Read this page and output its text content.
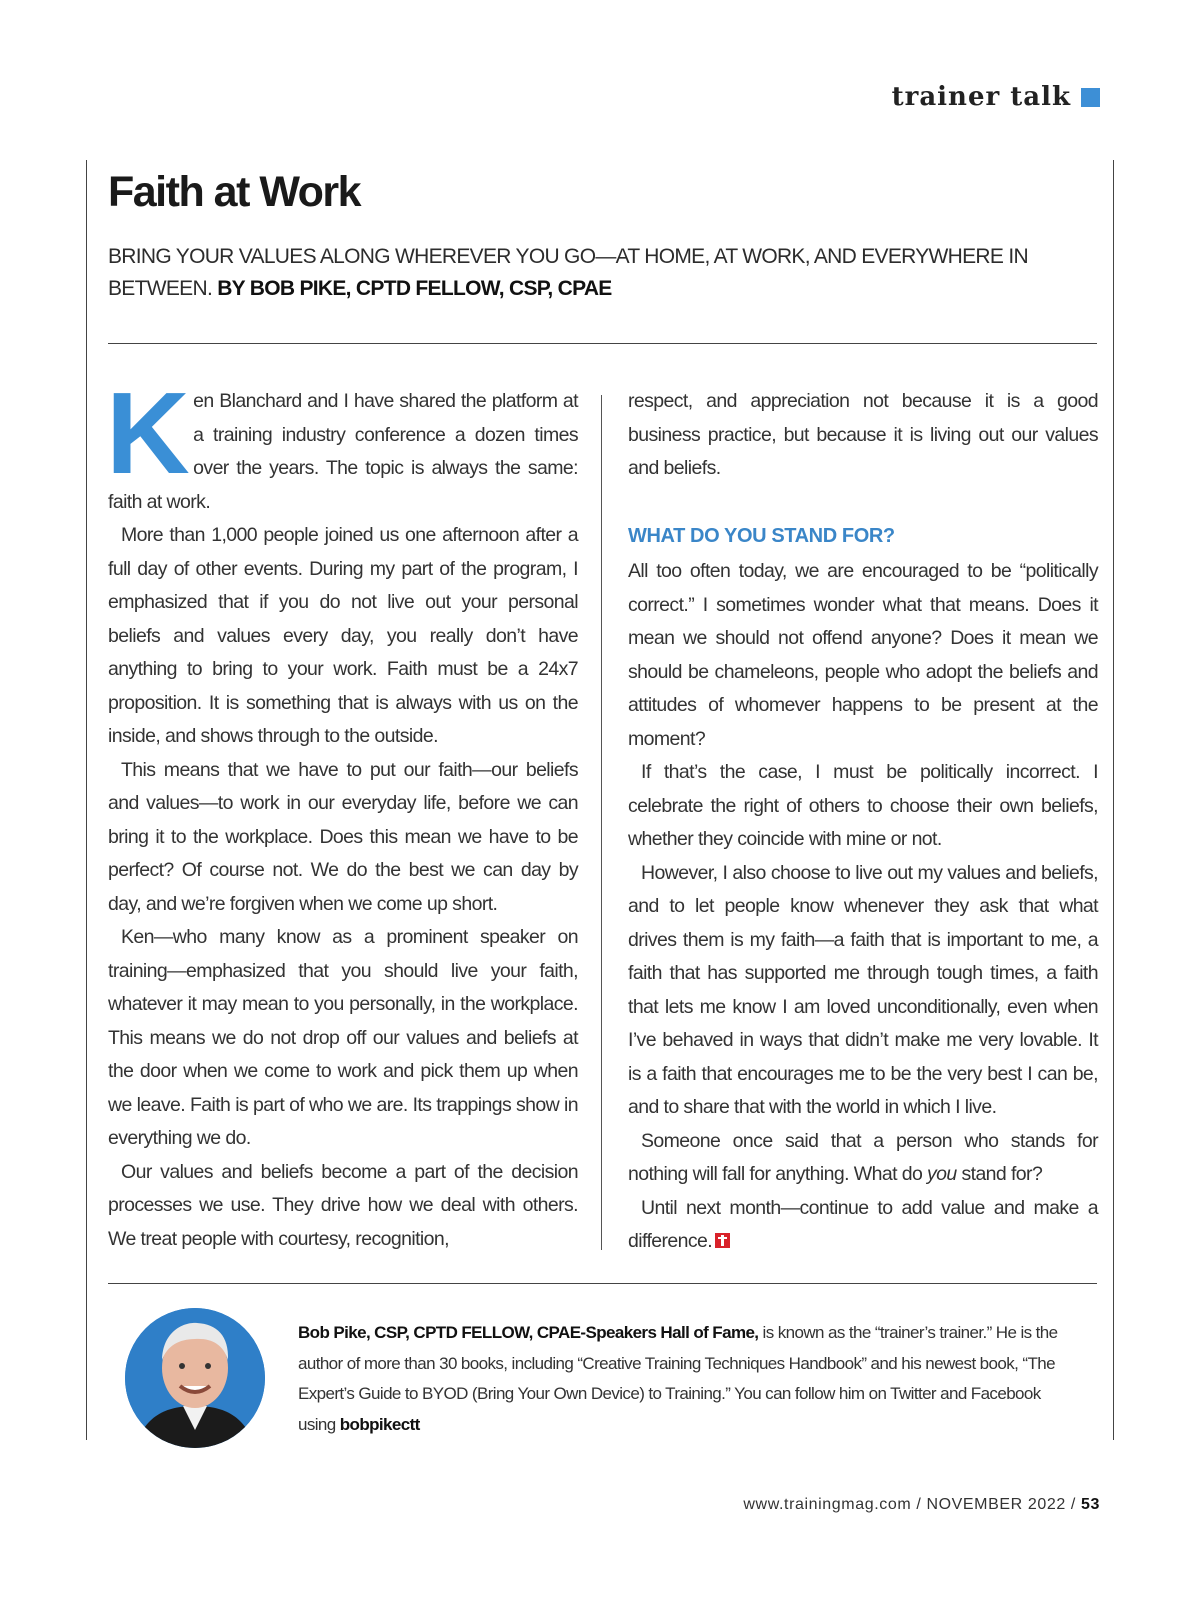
trainer talk
Faith at Work

BRING YOUR VALUES ALONG WHEREVER YOU GO—AT HOME, AT WORK, AND EVERYWHERE IN BETWEEN. BY BOB PIKE, CPTD FELLOW, CSP, CPAE

Ken Blanchard and I have shared the platform at a training industry conference a dozen times over the years. The topic is always the same: faith at work.

More than 1,000 people joined us one afternoon after a full day of other events. During my part of the program, I emphasized that if you do not live out your personal beliefs and values every day, you really don’t have anything to bring to your work. Faith must be a 24x7 proposition. It is something that is always with us on the inside, and shows through to the outside.

This means that we have to put our faith—our beliefs and values—to work in our everyday life, before we can bring it to the workplace. Does this mean we have to be perfect? Of course not. We do the best we can day by day, and we’re forgiven when we come up short.

Ken—who many know as a prominent speaker on training—emphasized that you should live your faith, whatever it may mean to you personally, in the workplace. This means we do not drop off our values and beliefs at the door when we come to work and pick them up when we leave. Faith is part of who we are. Its trappings show in everything we do.

Our values and beliefs become a part of the decision processes we use. They drive how we deal with others. We treat people with courtesy, recognition,

respect, and appreciation not because it is a good business practice, but because it is living out our values and beliefs.

WHAT DO YOU STAND FOR?

All too often today, we are encouraged to be “politically correct.” I sometimes wonder what that means. Does it mean we should not offend anyone? Does it mean we should be chameleons, people who adopt the beliefs and attitudes of whomever happens to be present at the moment?

If that’s the case, I must be politically incorrect. I celebrate the right of others to choose their own beliefs, whether they coincide with mine or not.

However, I also choose to live out my values and beliefs, and to let people know whenever they ask that what drives them is my faith—a faith that is important to me, a faith that has supported me through tough times, a faith that lets me know I am loved unconditionally, even when I’ve behaved in ways that didn’t make me very lovable. It is a faith that encourages me to be the very best I can be, and to share that with the world in which I live.

Someone once said that a person who stands for nothing will fall for anything. What do you stand for?

Until next month—continue to add value and make a difference.

Bob Pike, CSP, CPTD FELLOW, CPAE-Speakers Hall of Fame, is known as the “trainer’s trainer.” He is the author of more than 30 books, including “Creative Training Techniques Handbook” and his newest book, “The Expert’s Guide to BYOD (Bring Your Own Device) to Training.” You can follow him on Twitter and Facebook using bobpikectt

www.trainingmag.com / NOVEMBER 2022 / 53
